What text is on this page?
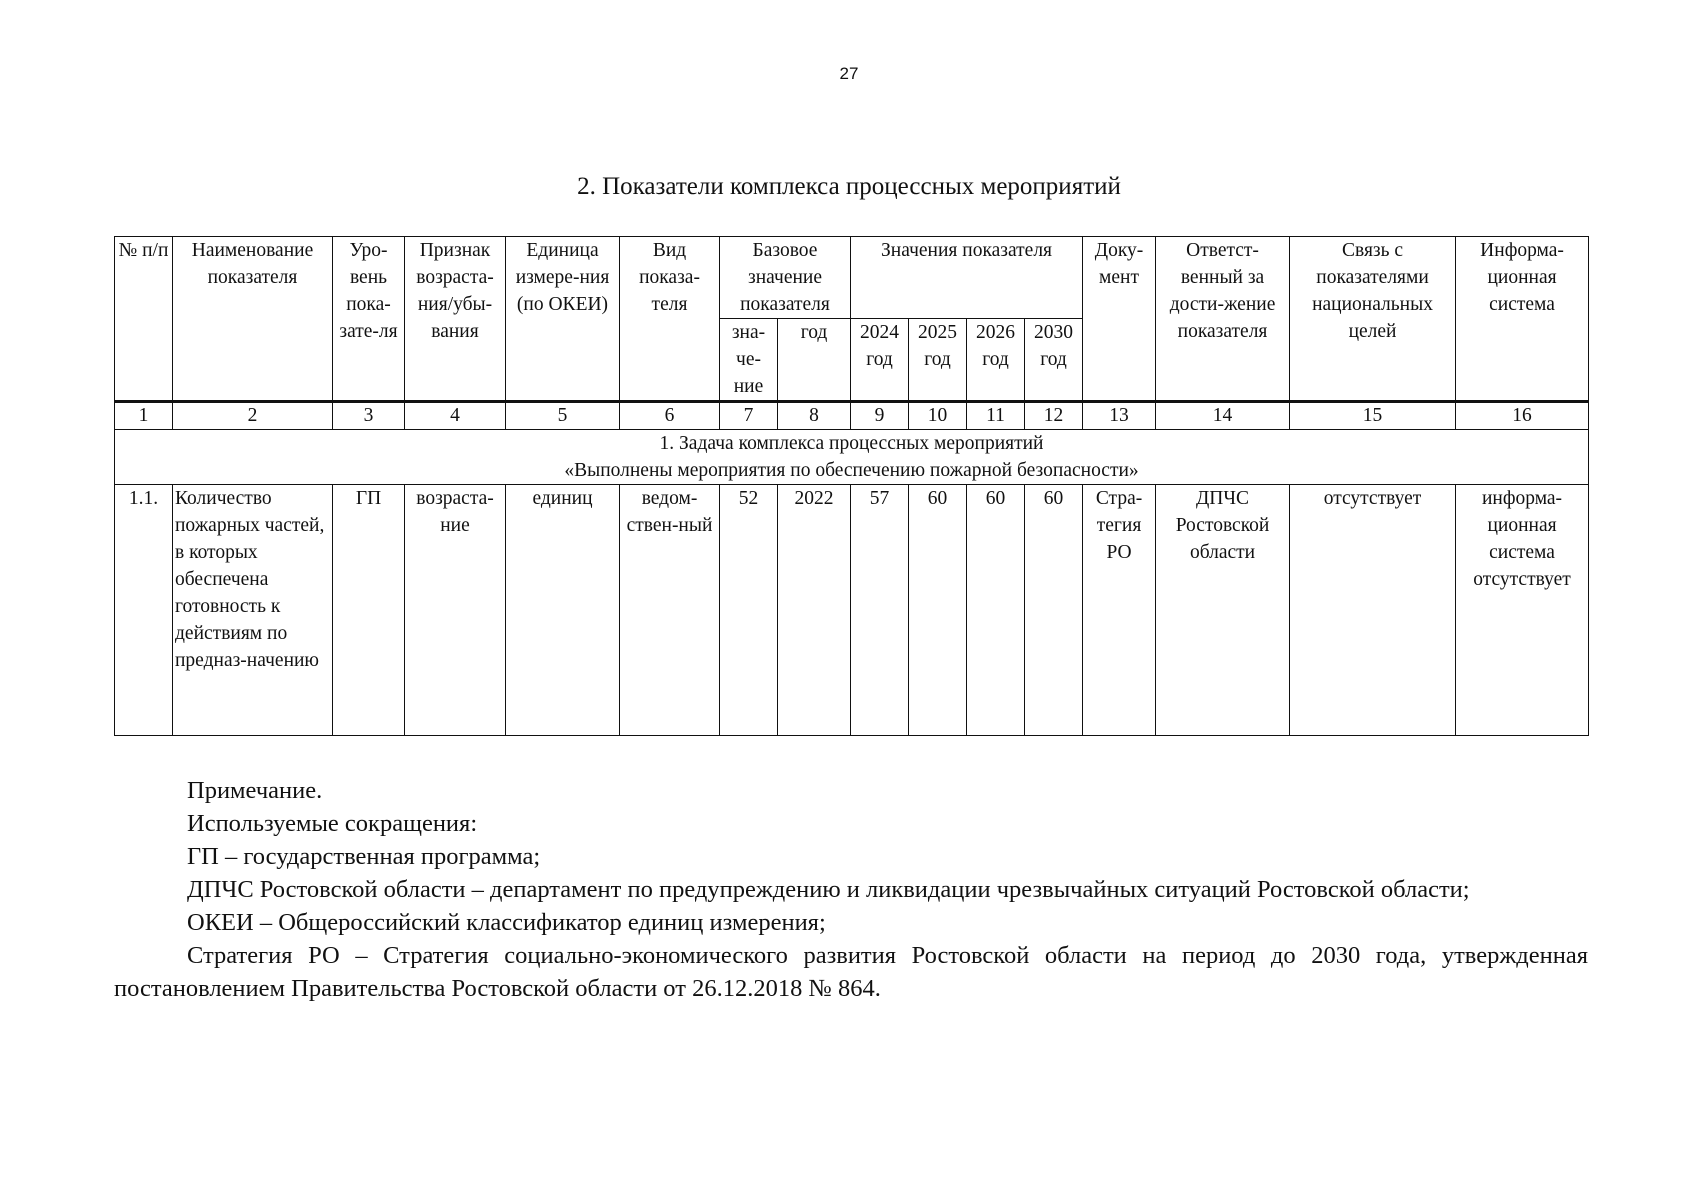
27
2. Показатели комплекса процессных мероприятий
№ п/п	Наименование показателя	Уро-вень пока-зате-ля	Признак возраста-ния/убы-вания	Единица измере-ния (по ОКЕИ)	Вид показа-теля	Базовое значение показателя		Значения показателя				Доку-мент	Ответст-венный за дости-жение показателя	Связь с показателями национальных целей	Информа-ционная система
						зна-че-ние	год	2024 год	2025 год	2026 год	2030 год				
1	2	3	4	5	6	7	8	9	10	11	12	13	14	15	16

1. Задача комплекса процессных мероприятий
«Выполнены мероприятия по обеспечению пожарной безопасности»															

1.1.	Количество пожарных частей, в которых обеспечена готовность к действиям по предназ-начению	ГП	возраста-ние	единиц	ведом-ствен-ный	52	2022	57	60	60	60	Стра-тегия РО	ДПЧС Ростовской области	отсутствует	информа-ционная система отсутствует

Примечание.

Используемые сокращения:

ГП – государственная программа;

ДПЧС Ростовской области – департамент по предупреждению и ликвидации чрезвычайных ситуаций Ростовской области;

ОКЕИ – Общероссийский классификатор единиц измерения;

Стратегия РО – Стратегия социально-экономического развития Ростовской области на период до 2030 года, утвержденная постановлением Правительства Ростовской области от 26.12.2018 № 864.
